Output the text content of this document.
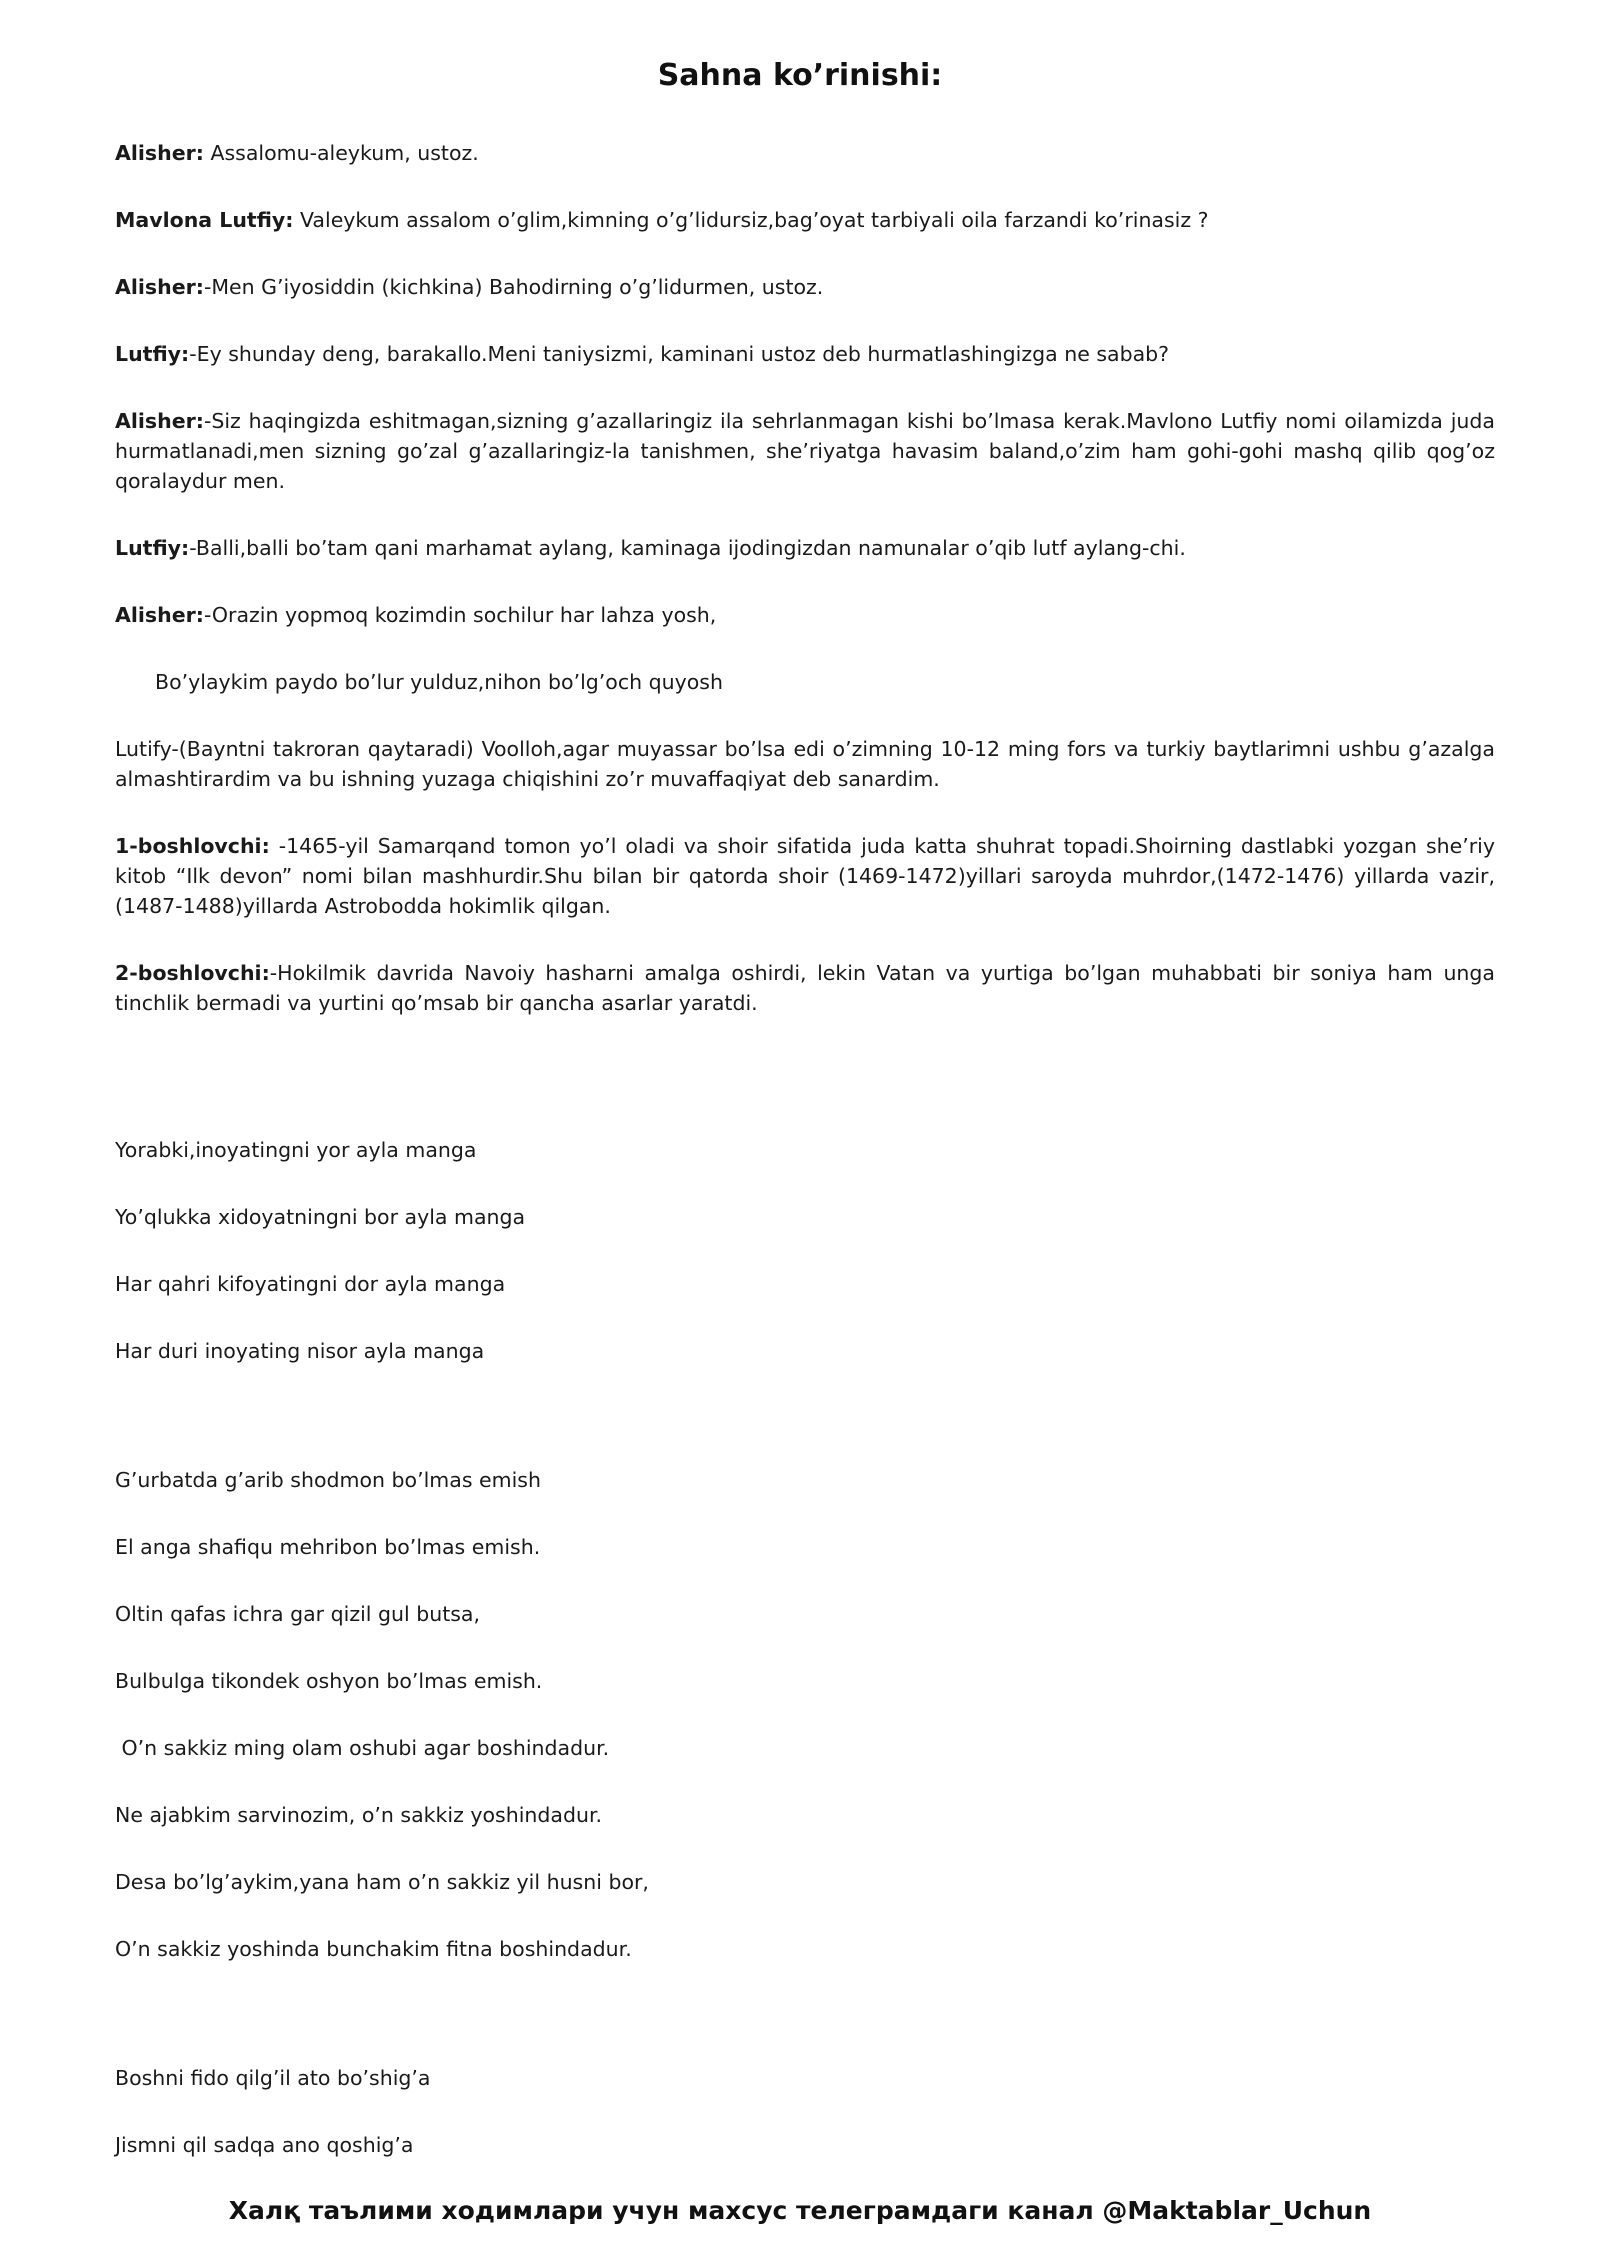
Sahna ko’rinishi:

Alisher: Assalomu-aleykum, ustoz.

Mavlona Lutfiy: Valeykum assalom o’glim,kimning o’g’lidursiz,bag’oyat tarbiyali oila farzandi ko’rinasiz ?

Alisher:-Men G’iyosiddin (kichkina) Bahodirning o’g’lidurmen, ustoz.

Lutfiy:-Ey shunday deng, barakallo.Meni taniysizmi, kaminani ustoz deb hurmatlashingizga ne sabab?

Alisher:-Siz haqingizda eshitmagan,sizning g’azallaringiz ila sehrlanmagan kishi bo’lmasa kerak.Mavlono Lutfiy nomi oilamizda juda hurmatlanadi,men sizning go’zal g’azallaringiz-la tanishmen, she’riyatga havasim baland,o’zim ham gohi-gohi mashq qilib qog’oz qoralaydur men.

Lutfiy:-Balli,balli bo’tam qani marhamat aylang, kaminaga ijodingizdan namunalar o’qib lutf aylang-chi.

Alisher:-Orazin yopmoq kozimdin sochilur har lahza yosh,

Bo’ylaykim paydo bo’lur yulduz,nihon bo’lg’och quyosh

Lutify-(Bayntni takroran qaytaradi) Voolloh,agar muyassar bo’lsa edi o’zimning 10-12 ming fors va turkiy baytlarimni ushbu g’azalga almashtirardim va bu ishning yuzaga chiqishini zo’r muvaffaqiyat deb sanardim.

1-boshlovchi: -1465-yil Samarqand tomon yo’l oladi va shoir sifatida juda katta shuhrat topadi.Shoirning dastlabki yozgan she’riy kitob “Ilk devon” nomi bilan mashhurdir.Shu bilan bir qatorda shoir (1469-1472)yillari saroyda muhrdor,(1472-1476) yillarda vazir,(1487-1488)yillarda Astrobodda hokimlik qilgan.

2-boshlovchi:-Hokilmik davrida Navoiy hasharni amalga oshirdi, lekin Vatan va yurtiga bo’lgan muhabbati bir soniya ham unga tinchlik bermadi va yurtini qo’msab bir qancha asarlar yaratdi.

Yorabki,inoyatingni yor ayla manga

Yo’qlukka xidoyatningni bor ayla manga

Har qahri kifoyatingni dor ayla manga

Har duri inoyating nisor ayla manga

G’urbatda g’arib shodmon bo’lmas emish

El anga shafiqu mehribon bo’lmas emish.

Oltin qafas ichra gar qizil gul butsa,

Bulbulga tikondek oshyon bo’lmas emish.

O’n sakkiz ming olam oshubi agar boshindadur.

Ne ajabkim sarvinozim, o’n sakkiz yoshindadur.

Desa bo’lg’aykim,yana ham o’n sakkiz yil husni bor,

O’n sakkiz yoshinda bunchakim fitna boshindadur.

Boshni fido qilg’il ato bo’shig’a

Jismni qil sadqa ano qoshig’a

Халқ таълими ходимлари учун махсус телеграмдаги канал @Maktablar_Uchun
